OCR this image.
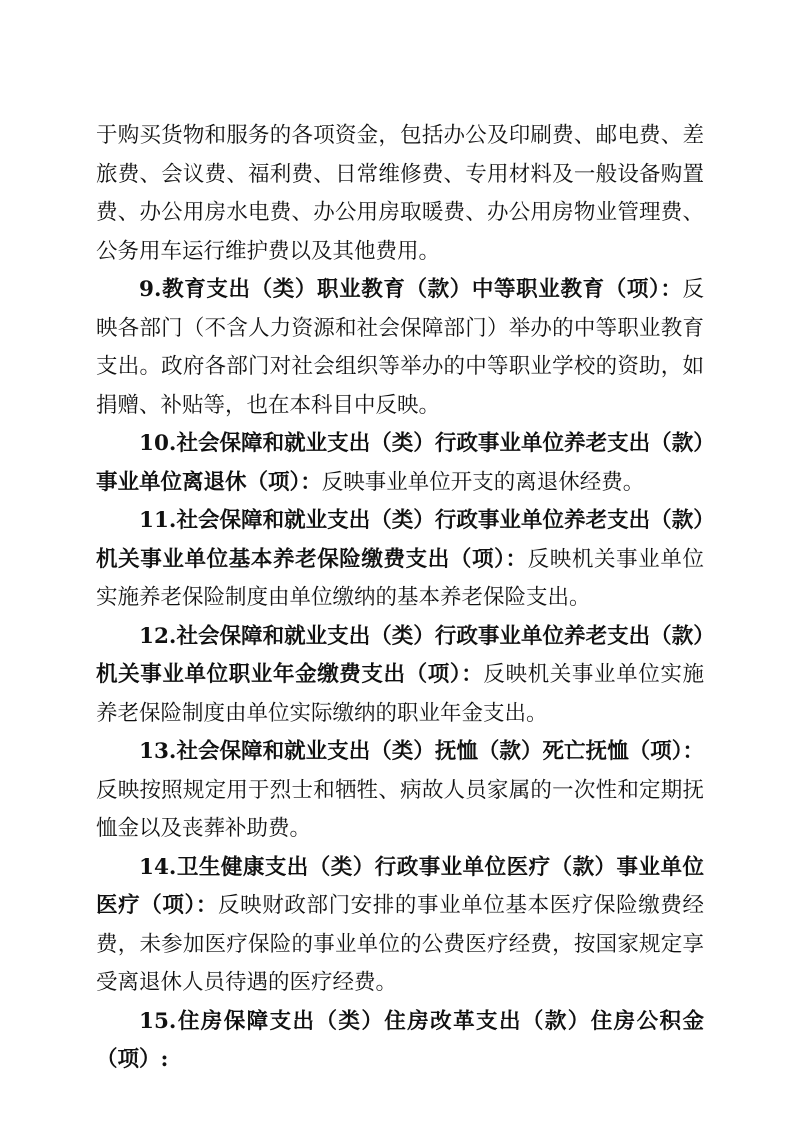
于购买货物和服务的各项资金，包括办公及印刷费、邮电费、差旅费、会议费、福利费、日常维修费、专用材料及一般设备购置费、办公用房水电费、办公用房取暖费、办公用房物业管理费、公务用车运行维护费以及其他费用。

9.教育支出（类）职业教育（款）中等职业教育（项）：反映各部门（不含人力资源和社会保障部门）举办的中等职业教育支出。政府各部门对社会组织等举办的中等职业学校的资助，如捐赠、补贴等，也在本科目中反映。

10.社会保障和就业支出（类）行政事业单位养老支出（款）事业单位离退休（项）：反映事业单位开支的离退休经费。

11.社会保障和就业支出（类）行政事业单位养老支出（款）机关事业单位基本养老保险缴费支出（项）：反映机关事业单位实施养老保险制度由单位缴纳的基本养老保险支出。

12.社会保障和就业支出（类）行政事业单位养老支出（款）机关事业单位职业年金缴费支出（项）：反映机关事业单位实施养老保险制度由单位实际缴纳的职业年金支出。

13.社会保障和就业支出（类）抚恤（款）死亡抚恤（项）：反映按照规定用于烈士和牺牲、病故人员家属的一次性和定期抚恤金以及丧葬补助费。

14.卫生健康支出（类）行政事业单位医疗（款）事业单位医疗（项）：反映财政部门安排的事业单位基本医疗保险缴费经费，未参加医疗保险的事业单位的公费医疗经费，按国家规定享受离退休人员待遇的医疗经费。

15.住房保障支出（类）住房改革支出（款）住房公积金（项）:
